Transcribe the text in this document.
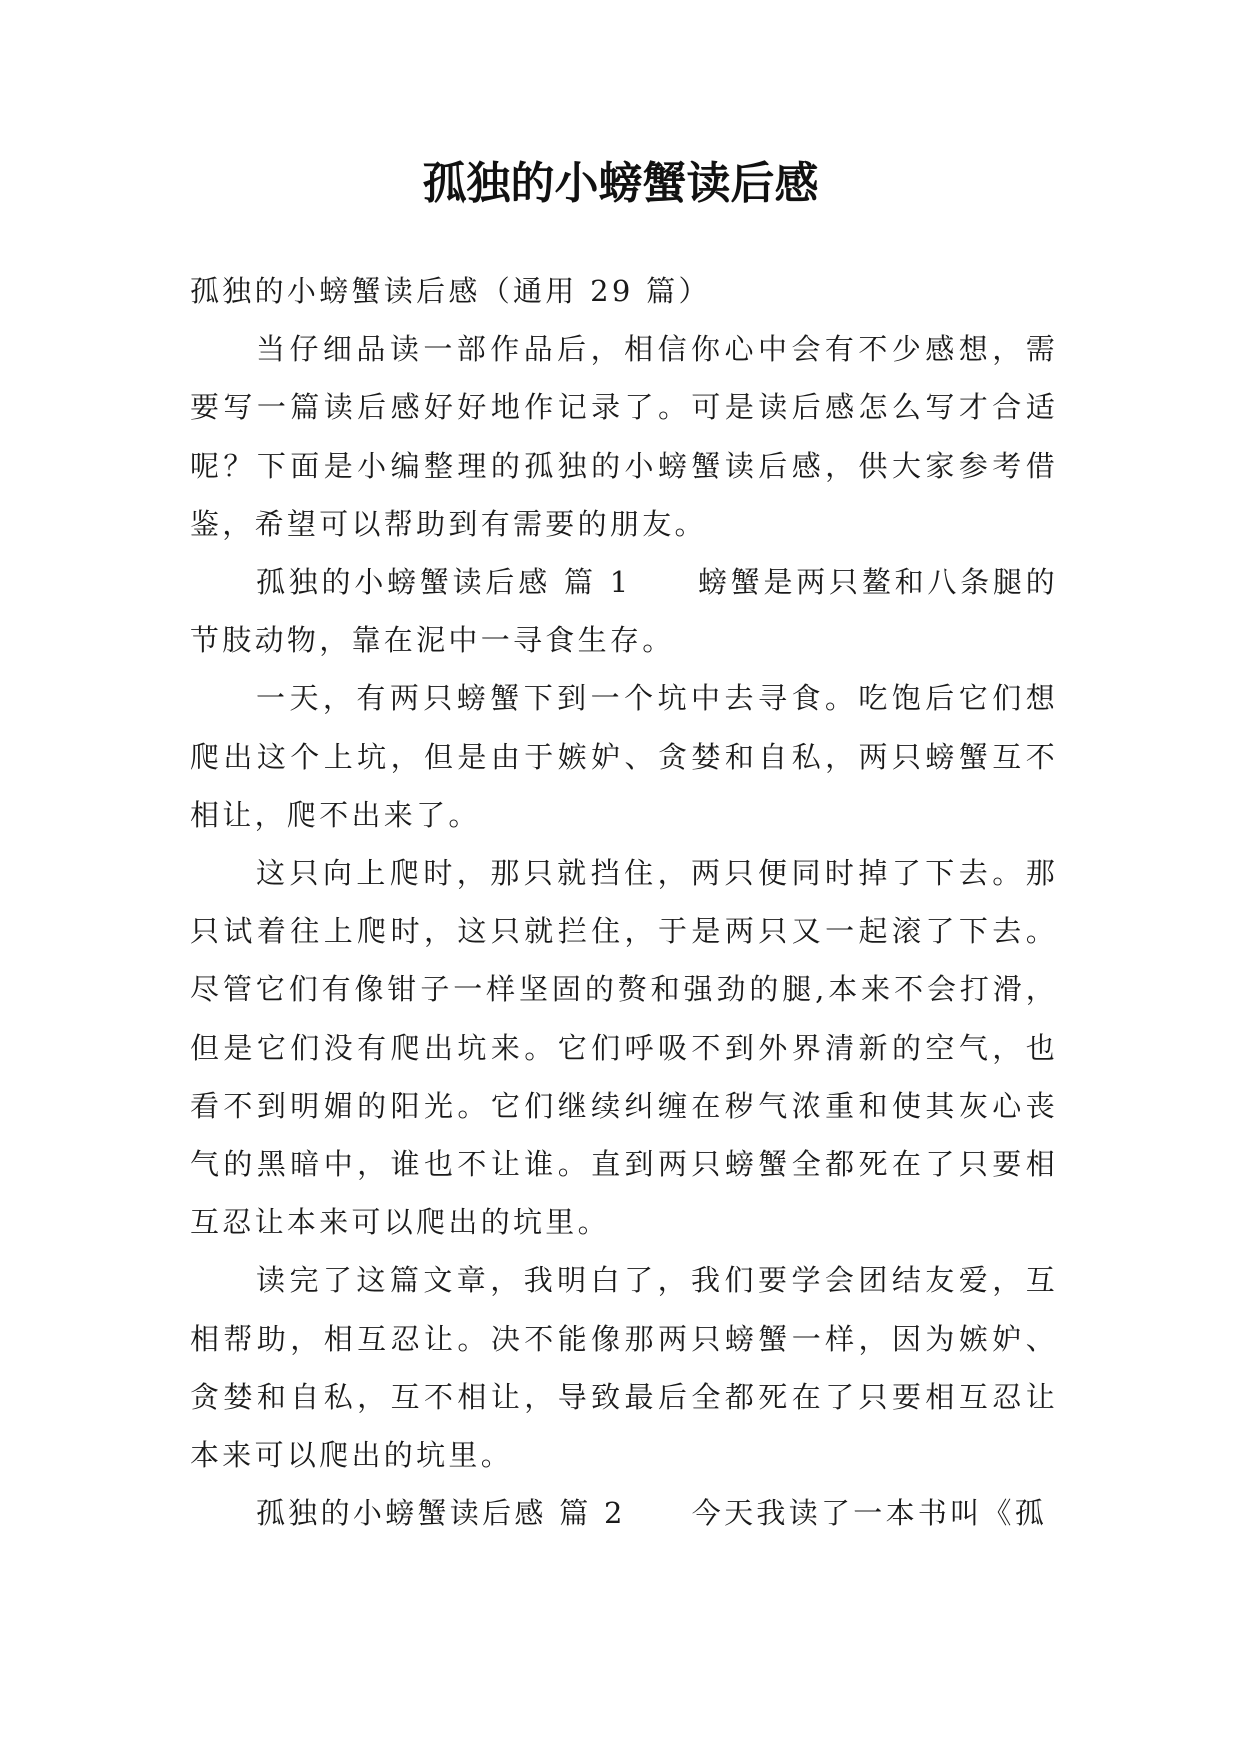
孤独的小螃蟹读后感

孤独的小螃蟹读后感（通用 29 篇）

当仔细品读一部作品后，相信你心中会有不少感想，需要写一篇读后感好好地作记录了。可是读后感怎么写才合适呢？下面是小编整理的孤独的小螃蟹读后感，供大家参考借鉴，希望可以帮助到有需要的朋友。

孤独的小螃蟹读后感 篇 1 螃蟹是两只鳌和八条腿的节肢动物，靠在泥中一寻食生存。

一天，有两只螃蟹下到一个坑中去寻食。吃饱后它们想爬出这个上坑，但是由于嫉妒、贪婪和自私，两只螃蟹互不相让，爬不出来了。

这只向上爬时，那只就挡住，两只便同时掉了下去。那只试着往上爬时，这只就拦住，于是两只又一起滚了下去。尽管它们有像钳子一样坚固的赘和强劲的腿,本来不会打滑，但是它们没有爬出坑来。它们呼吸不到外界清新的空气，也看不到明媚的阳光。它们继续纠缠在秽气浓重和使其灰心丧气的黑暗中，谁也不让谁。直到两只螃蟹全都死在了只要相互忍让本来可以爬出的坑里。

读完了这篇文章，我明白了，我们要学会团结友爱，互相帮助，相互忍让。决不能像那两只螃蟹一样，因为嫉妒、贪婪和自私，互不相让，导致最后全都死在了只要相互忍让本来可以爬出的坑里。

孤独的小螃蟹读后感 篇 2 今天我读了一本书叫《孤
